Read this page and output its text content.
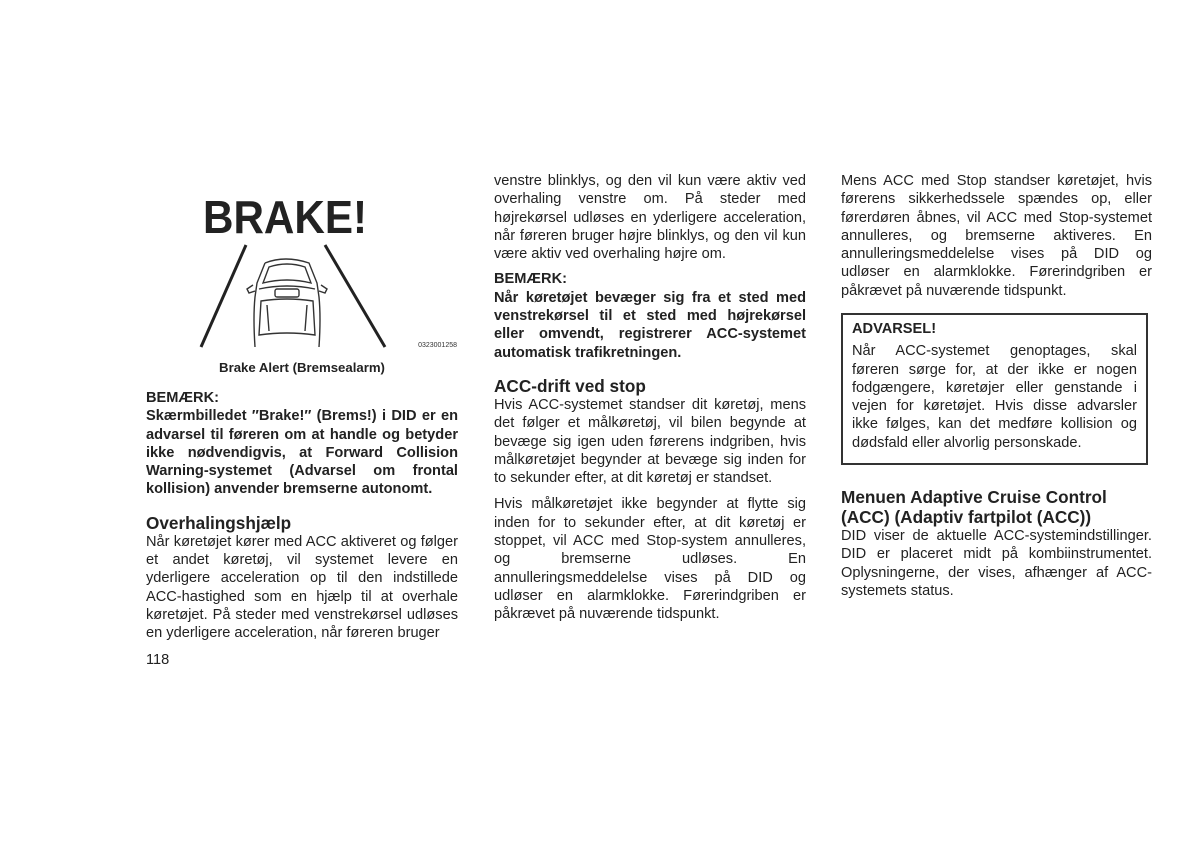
BRAKE!
0323001258
Brake Alert (Bremsealarm)

BEMÆRK:

Skærmbilledet ″Brake!″ (Brems!) i DID er en advarsel til føreren om at handle og betyder ikke nødvendigvis, at Forward Collision Warning-systemet (Advarsel om frontal kollision) anvender bremserne autonomt.

Overhalingshjælp

Når køretøjet kører med ACC aktiveret og følger et andet køretøj, vil systemet levere en yderligere acceleration op til den indstillede ACC-hastighed som en hjælp til at overhale køretøjet. På steder med venstrekørsel udløses en yderligere acceleration, når føreren bruger

venstre blinklys, og den vil kun være aktiv ved overhaling venstre om. På steder med højrekørsel udløses en yderligere acceleration, når føreren bruger højre blinklys, og den vil kun være aktiv ved overhaling højre om.

BEMÆRK:

Når køretøjet bevæger sig fra et sted med venstrekørsel til et sted med højrekørsel eller omvendt, registrerer ACC-systemet automatisk trafikretningen.

ACC-drift ved stop

Hvis ACC-systemet standser dit køretøj, mens det følger et målkøretøj, vil bilen begynde at bevæge sig igen uden førerens indgriben, hvis målkøretøjet begynder at bevæge sig inden for to sekunder efter, at dit køretøj er standset.

Hvis målkøretøjet ikke begynder at flytte sig inden for to sekunder efter, at dit køretøj er stoppet, vil ACC med Stop-system annulleres, og bremserne udløses. En annulleringsmeddelelse vises på DID og udløser en alarmklokke. Førerindgriben er påkrævet på nuværende tidspunkt.

Mens ACC med Stop standser køretøjet, hvis førerens sikkerhedssele spændes op, eller førerdøren åbnes, vil ACC med Stop-systemet annulleres, og bremserne aktiveres. En annulleringsmeddelelse vises på DID og udløser en alarmklokke. Førerindgriben er påkrævet på nuværende tidspunkt.

ADVARSEL!

Når ACC-systemet genoptages, skal føreren sørge for, at der ikke er nogen fodgængere, køretøjer eller genstande i vejen for køretøjet. Hvis disse advarsler ikke følges, kan det medføre kollision og dødsfald eller alvorlig personskade.

Menuen Adaptive Cruise Control (ACC) (Adaptiv fartpilot (ACC))

DID viser de aktuelle ACC-systemindstillinger. DID er placeret midt på kombiinstrumentet. Oplysningerne, der vises, afhænger af ACC-systemets status.

118
